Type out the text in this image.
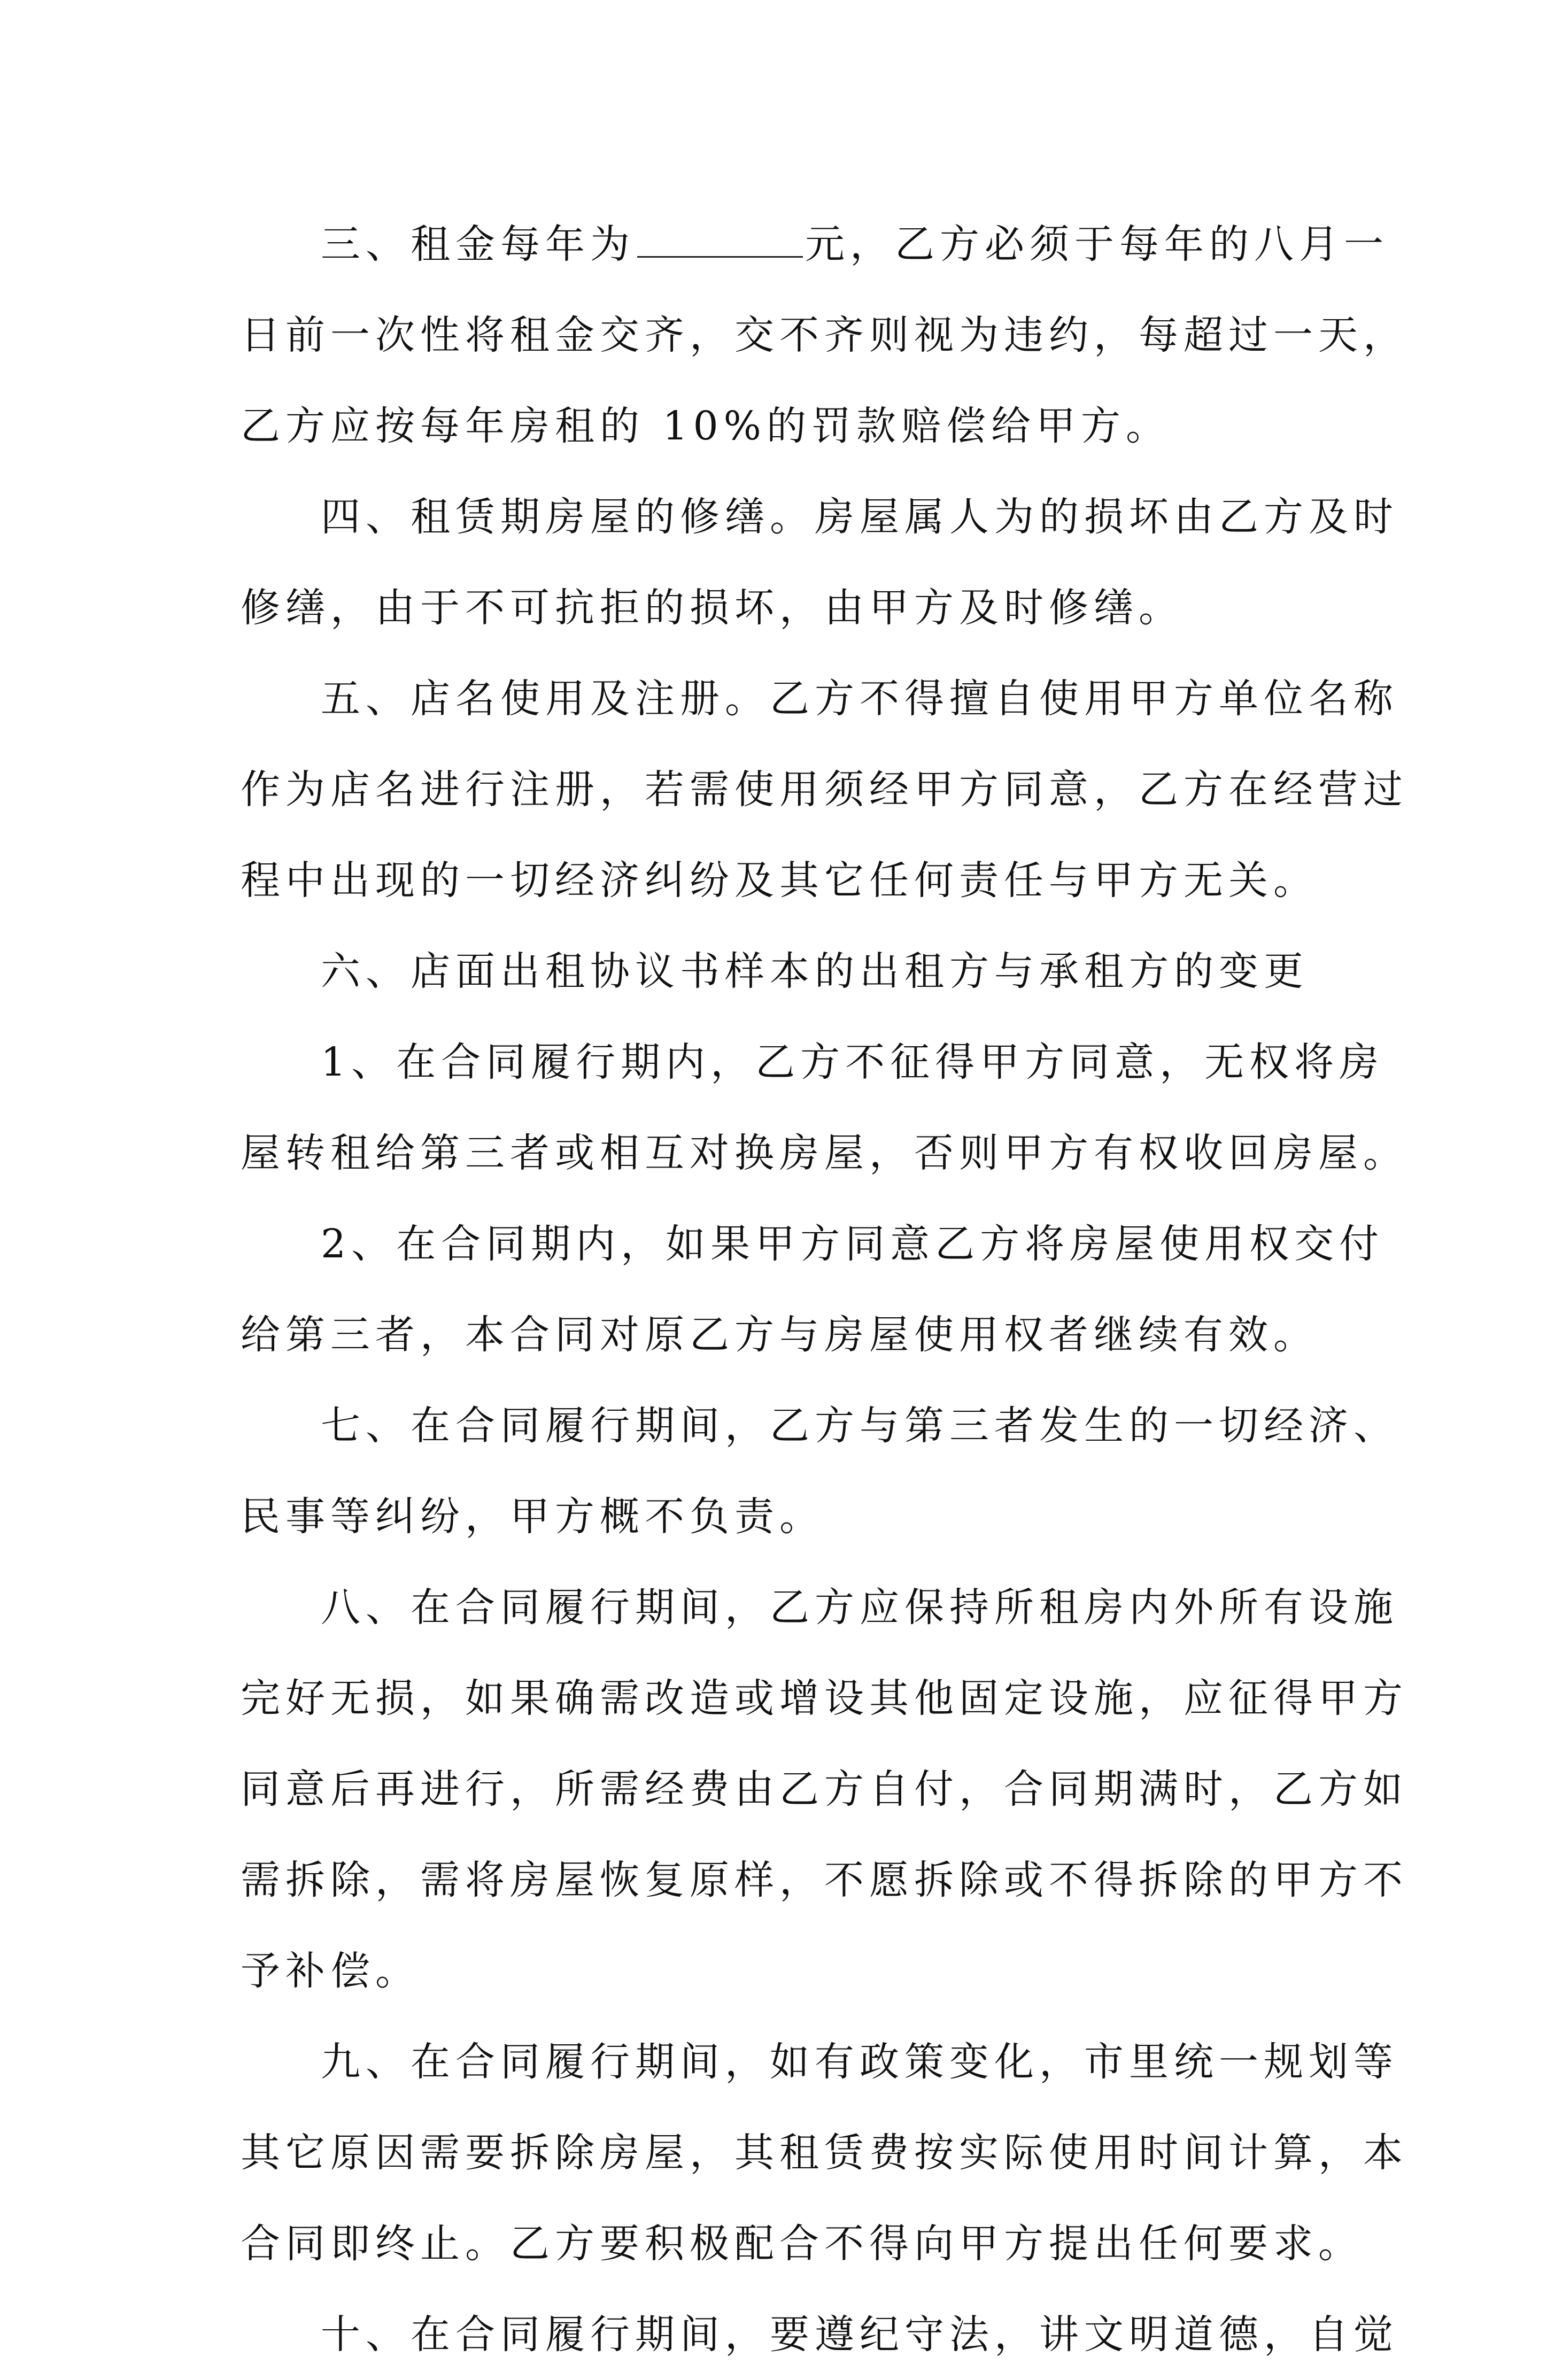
三、租金每年为	元，乙方必须于每年的八月一
日前一次性将租金交齐，交不齐则视为违约，每超过一天，
乙方应按每年房租的 10%的罚款赔偿给甲方。
四、租赁期房屋的修缮。房屋属人为的损坏由乙方及时
修缮，由于不可抗拒的损坏，由甲方及时修缮。
五、店名使用及注册。乙方不得擅自使用甲方单位名称
作为店名进行注册，若需使用须经甲方同意，乙方在经营过
程中出现的一切经济纠纷及其它任何责任与甲方无关。
六、店面出租协议书样本的出租方与承租方的变更
1、在合同履行期内，乙方不征得甲方同意，无权将房
屋转租给第三者或相互对换房屋，否则甲方有权收回房屋。
2、在合同期内，如果甲方同意乙方将房屋使用权交付
给第三者，本合同对原乙方与房屋使用权者继续有效。
七、在合同履行期间，乙方与第三者发生的一切经济、
民事等纠纷，甲方概不负责。
八、在合同履行期间，乙方应保持所租房内外所有设施
完好无损，如果确需改造或增设其他固定设施，应征得甲方
同意后再进行，所需经费由乙方自付，合同期满时，乙方如
需拆除，需将房屋恢复原样，不愿拆除或不得拆除的甲方不
予补偿。
九、在合同履行期间，如有政策变化，市里统一规划等
其它原因需要拆除房屋，其租赁费按实际使用时间计算，本
合同即终止。乙方要积极配合不得向甲方提出任何要求。
十、在合同履行期间，要遵纪守法，讲文明道德，自觉
